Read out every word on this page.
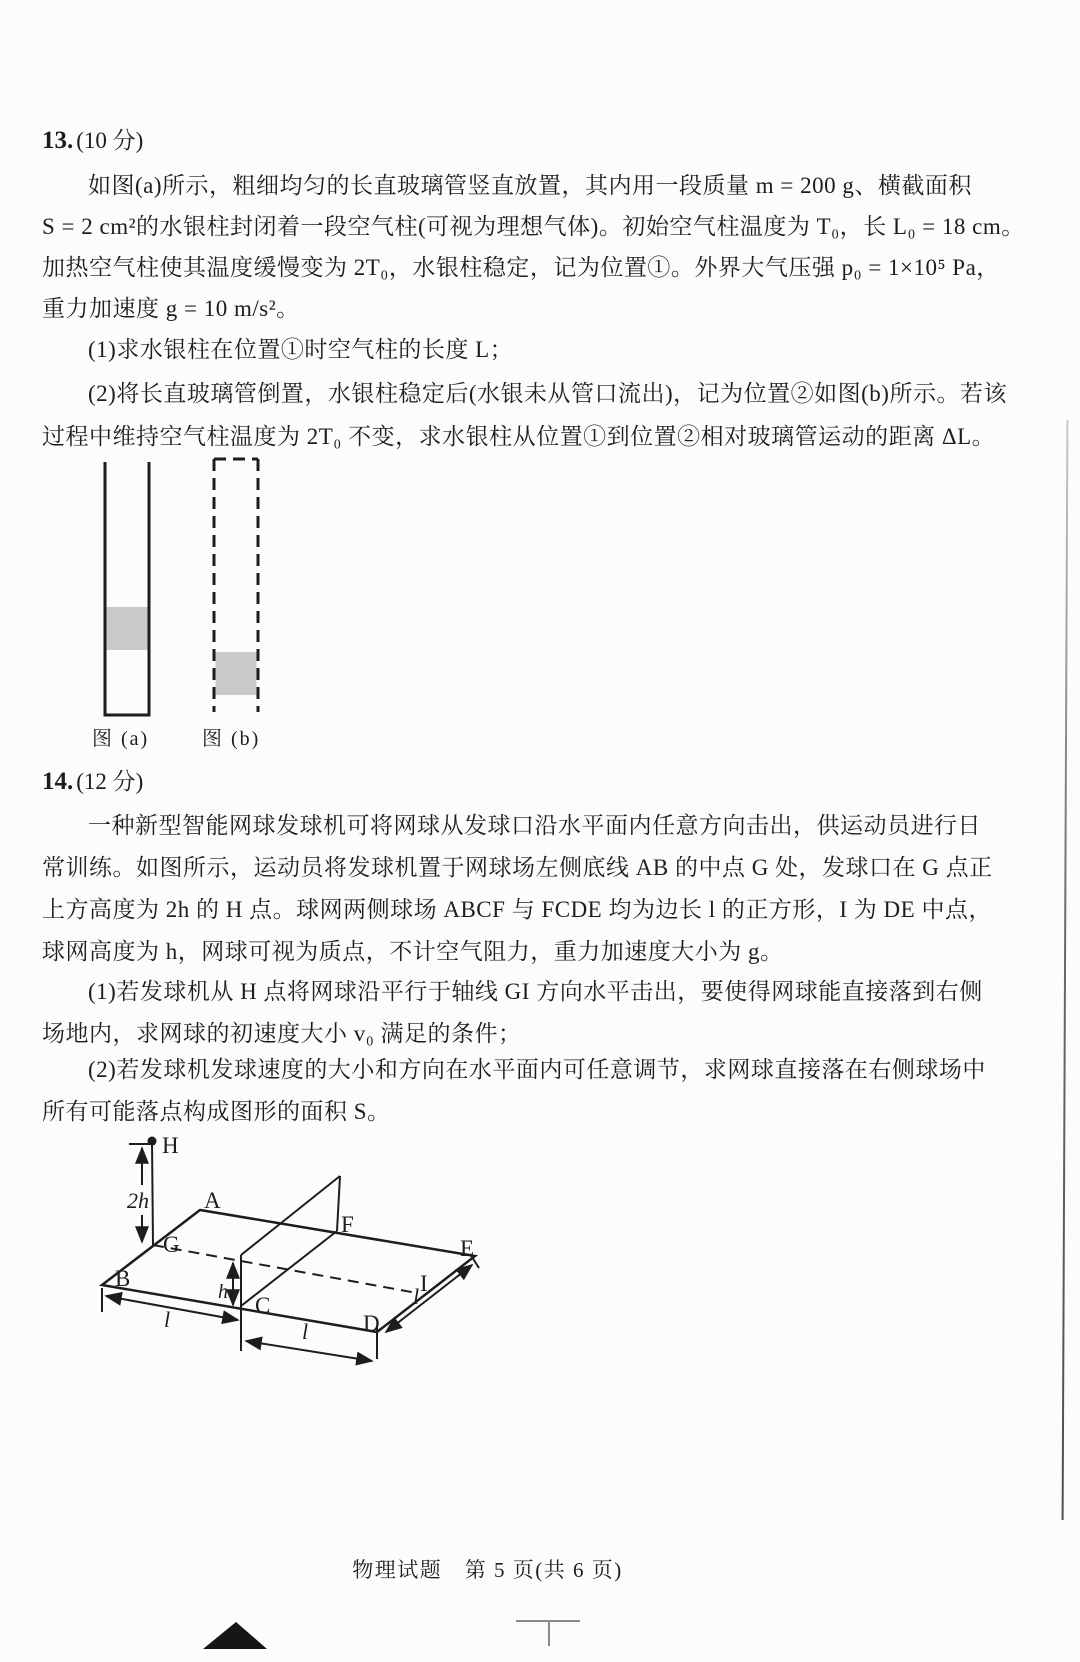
13. (10 分)
如图(a)所示，粗细均匀的长直玻璃管竖直放置，其内用一段质量 m = 200 g、横截面积
S = 2 cm²的水银柱封闭着一段空气柱(可视为理想气体)。初始空气柱温度为 T₀，长 L₀ = 18 cm。
加热空气柱使其温度缓慢变为 2T₀，水银柱稳定，记为位置①。外界大气压强 p₀ = 1×10⁵ Pa，
重力加速度 g = 10 m/s²。
(1)求水银柱在位置①时空气柱的长度 L；
(2)将长直玻璃管倒置，水银柱稳定后(水银未从管口流出)，记为位置②如图(b)所示。若该
过程中维持空气柱温度为 2T₀ 不变，求水银柱从位置①到位置②相对玻璃管运动的距离 ΔL。
图 (a)	图 (b)
14. (12 分)
一种新型智能网球发球机可将网球从发球口沿水平面内任意方向击出，供运动员进行日
常训练。如图所示，运动员将发球机置于网球场左侧底线 AB 的中点 G 处，发球口在 G 点正
上方高度为 2h 的 H 点。球网两侧球场 ABCF 与 FCDE 均为边长 l 的正方形，I 为 DE 中点，
球网高度为 h，网球可视为质点，不计空气阻力，重力加速度大小为 g。
(1)若发球机从 H 点将网球沿平行于轴线 GI 方向水平击出，要使得网球能直接落到右侧
场地内，求网球的初速度大小 v₀ 满足的条件；
(2)若发球机发球速度的大小和方向在水平面内可任意调节，求网球直接落在右侧球场中
所有可能落点构成图形的面积 S。
H
A
G
B
C
D
E
F
I
2h
h
l	l
l
物理试题　第 5 页(共 6 页)
